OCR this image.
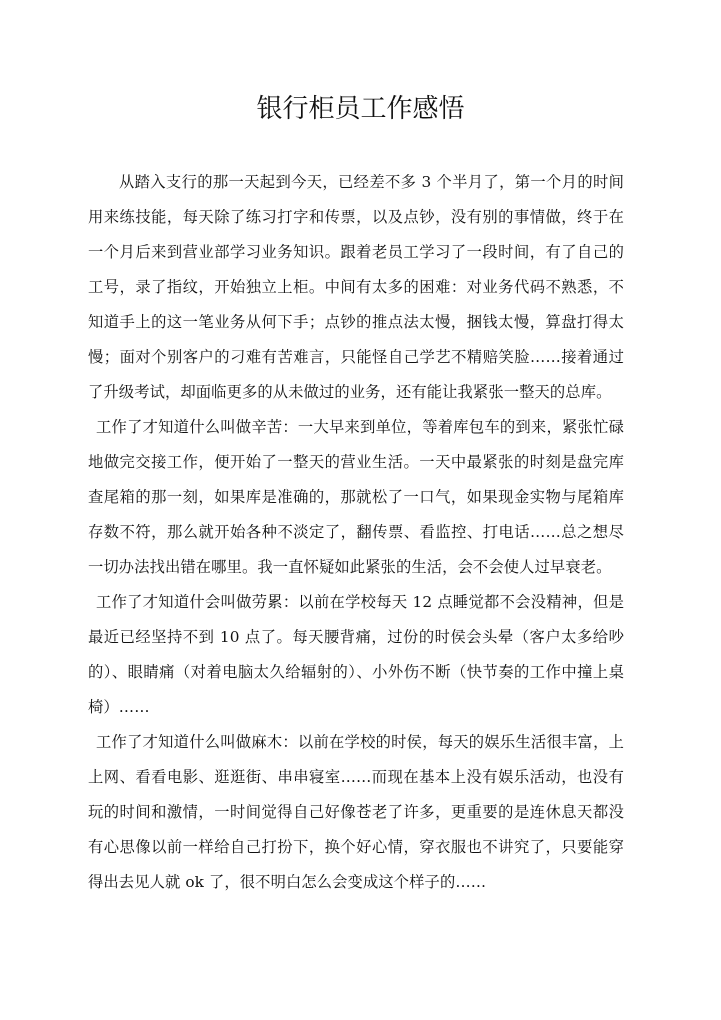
银行柜员工作感悟

从踏入支行的那一天起到今天，已经差不多 3 个半月了，第一个月的时间用来练技能，每天除了练习打字和传票，以及点钞，没有别的事情做，终于在一个月后来到营业部学习业务知识。跟着老员工学习了一段时间，有了自己的工号，录了指纹，开始独立上柜。中间有太多的困难：对业务代码不熟悉，不知道手上的这一笔业务从何下手；点钞的推点法太慢，捆钱太慢，算盘打得太慢；面对个别客户的刁难有苦难言，只能怪自己学艺不精赔笑脸……接着通过了升级考试，却面临更多的从未做过的业务，还有能让我紧张一整天的总库。

工作了才知道什么叫做辛苦：一大早来到单位，等着库包车的到来，紧张忙碌地做完交接工作，便开始了一整天的营业生活。一天中最紧张的时刻是盘完库查尾箱的那一刻，如果库是准确的，那就松了一口气，如果现金实物与尾箱库存数不符，那么就开始各种不淡定了，翻传票、看监控、打电话……总之想尽一切办法找出错在哪里。我一直怀疑如此紧张的生活，会不会使人过早衰老。

工作了才知道什会叫做劳累：以前在学校每天 12 点睡觉都不会没精神，但是最近已经坚持不到 10 点了。每天腰背痛，过份的时侯会头晕（客户太多给吵的）、眼睛痛（对着电脑太久给辐射的）、小外伤不断（快节奏的工作中撞上桌椅）……

工作了才知道什么叫做麻木：以前在学校的时侯，每天的娱乐生活很丰富，上上网、看看电影、逛逛街、串串寝室……而现在基本上没有娱乐活动，也没有玩的时间和激情，一时间觉得自己好像苍老了许多，更重要的是连休息天都没有心思像以前一样给自己打扮下，换个好心情，穿衣服也不讲究了，只要能穿得出去见人就 ok 了，很不明白怎么会变成这个样子的……
